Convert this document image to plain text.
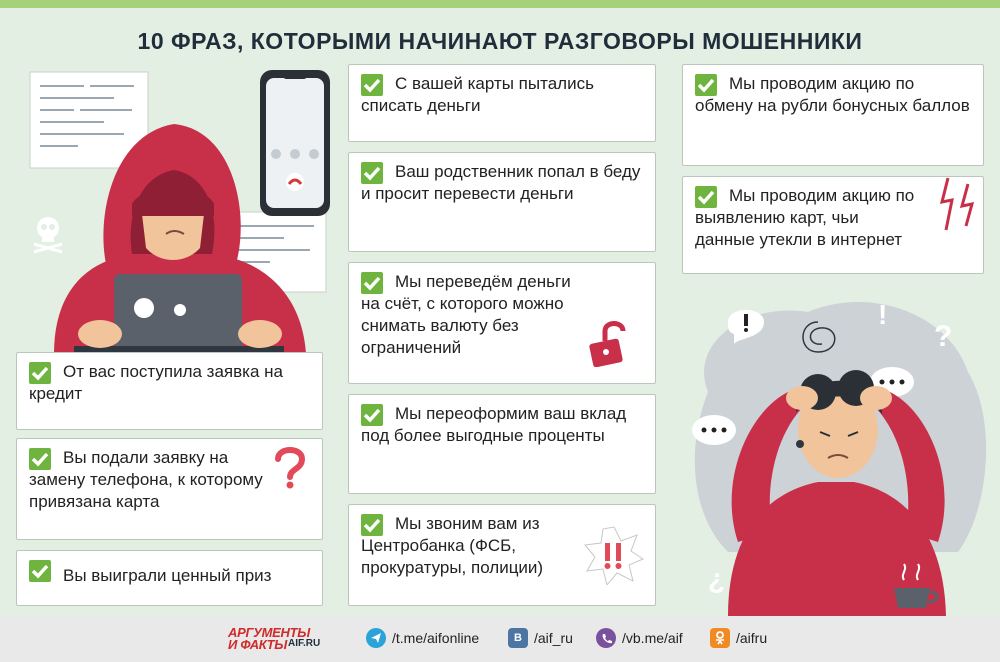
10 ФРАЗ, КОТОРЫМИ НАЧИНАЮТ РАЗГОВОРЫ МОШЕННИКИ
От вас поступила заявка на кредит
Вы подали заявку на замену телефона, к которому привязана карта
Вы выиграли ценный приз
С вашей карты пытались списать деньги
Ваш родственник попал в беду и просит перевести деньги
Мы переведём деньги на счёт, с которого можно снимать валюту без ограничений
Мы переоформим ваш вклад под более выгодные проценты
Мы звоним вам из Центробанка (ФСБ, прокуратуры, полиции)
Мы проводим акцию по обмену на рубли бонусных баллов
Мы проводим акцию по выявлению карт, чьи данные утекли в интернет
!
?
¿
АРГУМЕНТЫ
И ФАКТЫ AIF.RU	/t.me/aifonline	B /aif_ru	/vb.me/aif	/aifru
